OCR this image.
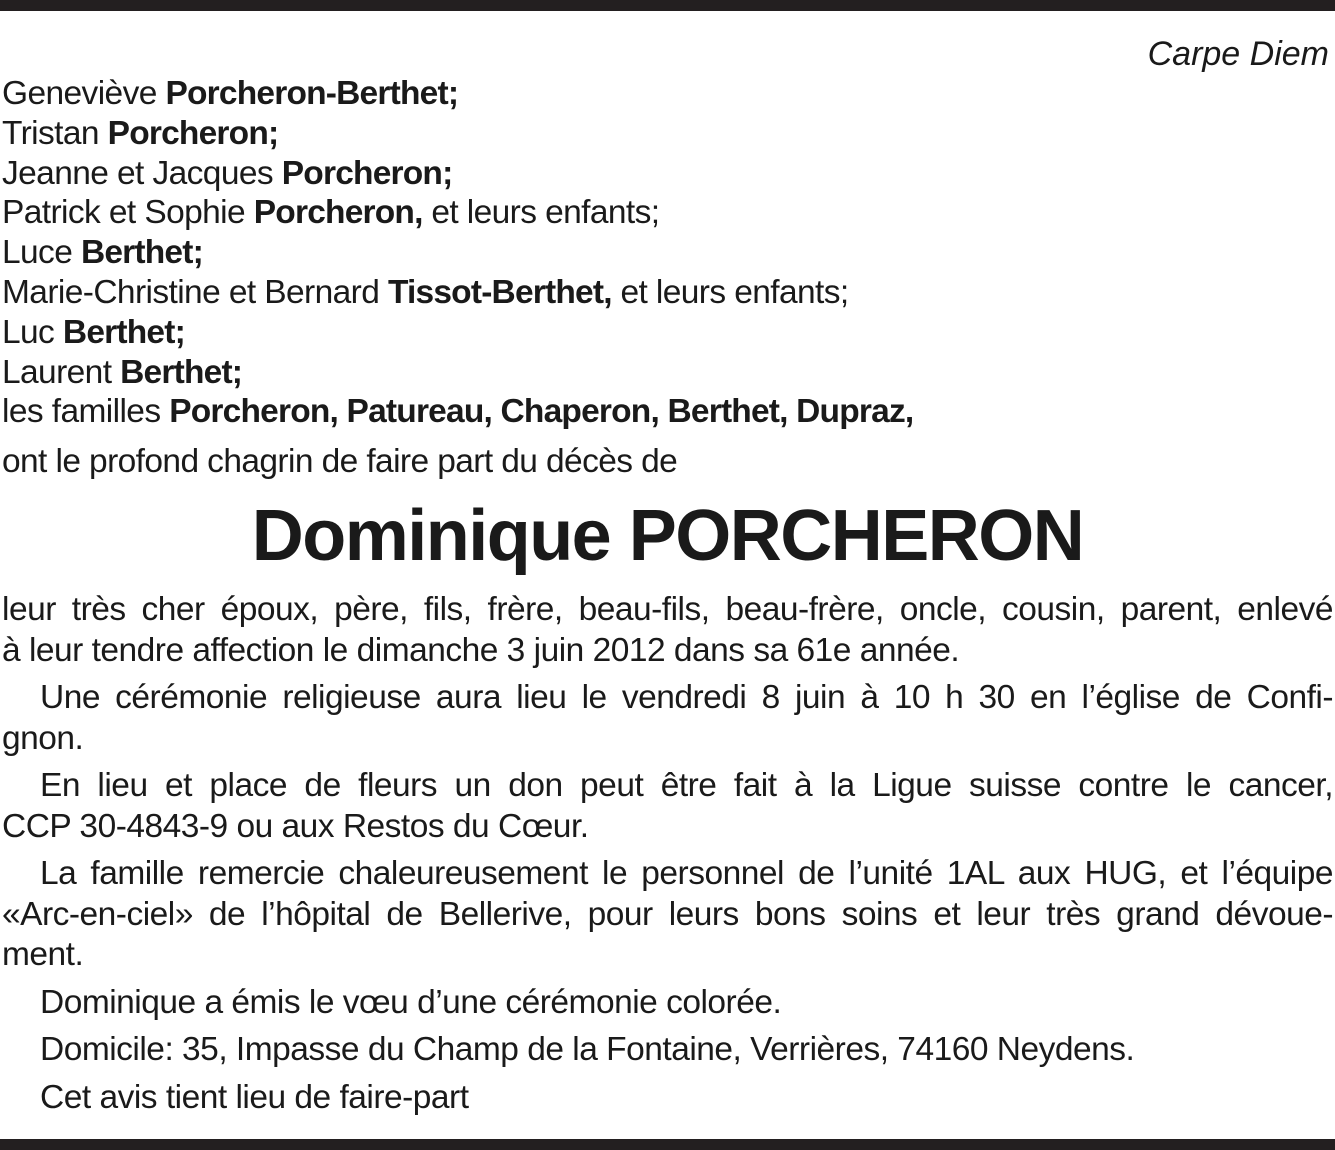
Carpe Diem
Geneviève Porcheron-Berthet;
Tristan Porcheron;
Jeanne et Jacques Porcheron;
Patrick et Sophie Porcheron, et leurs enfants;
Luce Berthet;
Marie-Christine et Bernard Tissot-Berthet, et leurs enfants;
Luc Berthet;
Laurent Berthet;
les familles Porcheron, Patureau, Chaperon, Berthet, Dupraz,
ont le profond chagrin de faire part du décès de
Dominique PORCHERON
leur très cher époux, père, fils, frère, beau-fils, beau-frère, oncle, cousin, parent, enlevé
à leur tendre affection le dimanche 3 juin 2012 dans sa 61e année.
Une cérémonie religieuse aura lieu le vendredi 8 juin à 10 h 30 en l’église de Confi-
gnon.
En lieu et place de fleurs un don peut être fait à la Ligue suisse contre le cancer,
CCP 30-4843-9 ou aux Restos du Cœur.
La famille remercie chaleureusement le personnel de l’unité 1AL aux HUG, et l’équipe
«Arc-en-ciel» de l’hôpital de Bellerive, pour leurs bons soins et leur très grand dévoue-
ment.
Dominique a émis le vœu d’une cérémonie colorée.
Domicile: 35, Impasse du Champ de la Fontaine, Verrières, 74160 Neydens.
Cet avis tient lieu de faire-part
